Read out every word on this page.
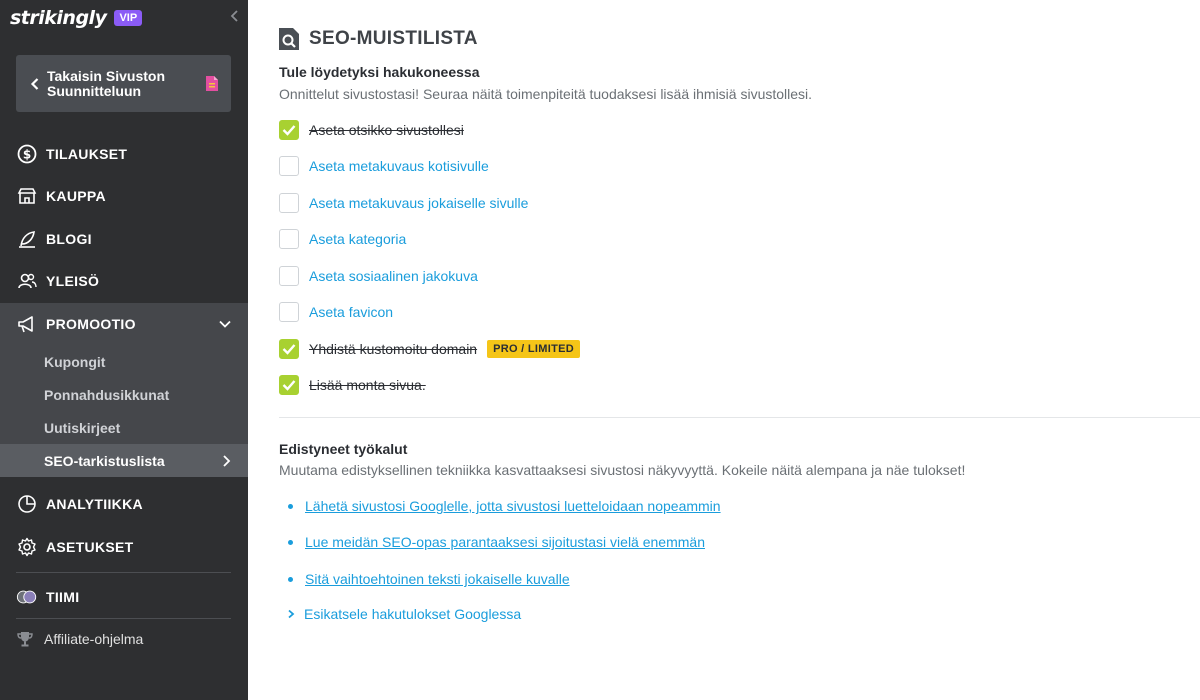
strikingly	VIP
Takaisin Sivuston Suunnitteluun
$ TILAUKSET
KAUPPA
BLOGI
YLEISÖ
PROMOOTIO
Kupongit
Ponnahdusikkunat
Uutiskirjeet
SEO-tarkistuslista
ANALYTIIKKA
ASETUKSET
TIIMI
Affiliate-ohjelma
SEO-MUISTILISTA
Tule löydetyksi hakukoneessa
Onnittelut sivustostasi! Seuraa näitä toimenpiteitä tuodaksesi lisää ihmisiä sivustollesi.
Aseta otsikko sivustollesi
Aseta metakuvaus kotisivulle
Aseta metakuvaus jokaiselle sivulle
Aseta kategoria
Aseta sosiaalinen jakokuva
Aseta favicon
Yhdistä kustomoitu domain	PRO / LIMITED
Lisää monta sivua.
Edistyneet työkalut
Muutama edistyksellinen tekniikka kasvattaaksesi sivustosi näkyvyyttä. Kokeile näitä alempana ja näe tulokset!
Lähetä sivustosi Googlelle, jotta sivustosi luetteloidaan nopeammin
Lue meidän SEO-opas parantaaksesi sijoitustasi vielä enemmän
Sitä vaihtoehtoinen teksti jokaiselle kuvalle
Esikatsele hakutulokset Googlessa
